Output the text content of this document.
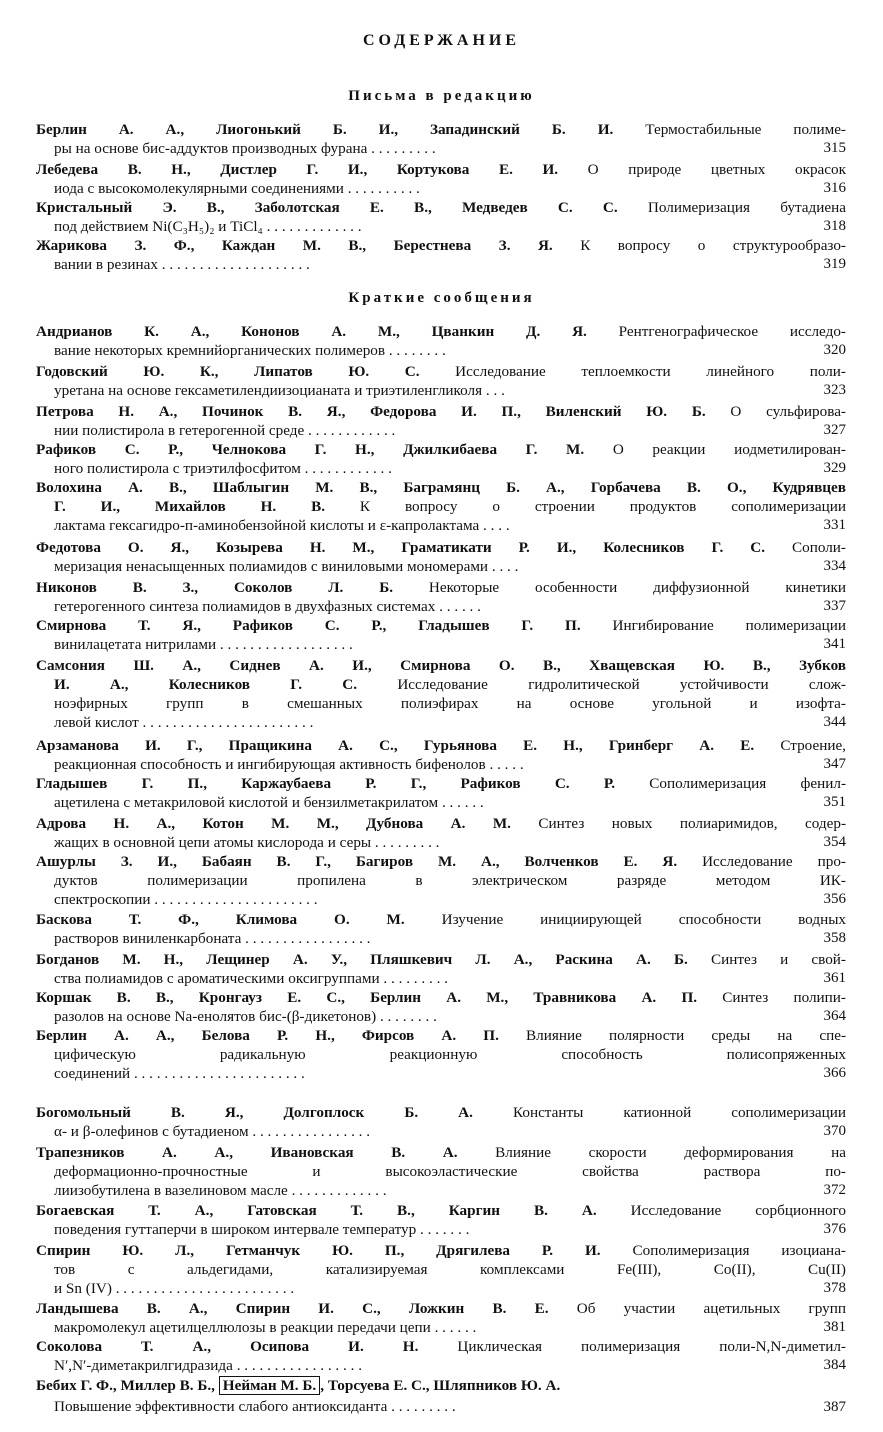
СОДЕРЖАНИЕ
Письма в редакцию
Берлин А. А., Лиогонький Б. И., Западинский Б. И. Термостабильные полиме-
ры на основе бис-аддуктов производных фурана . . . . . . . . .	315
Лебедева В. Н., Дистлер Г. И., Кортукова Е. И. О природе цветных окрасок
иода с высокомолекулярными соединениями . . . . . . . . . .	316
Кристальный Э. В., Заболотская Е. В., Медведев С. С. Полимеризация бутадиена
под действием Ni(C₃H₅)₂ и TiCl₄ . . . . . . . . . . . . .	318
Жарикова З. Ф., Каждан М. В., Берестнева З. Я. К вопросу о структурообразо-
вании в резинах . . . . . . . . . . . . . . . . . . . .	319
Краткие сообщения
Андрианов К. А., Кононов А. М., Цванкин Д. Я. Рентгенографическое исследо-
вание некоторых кремнийорганических полимеров . . . . . . . .	320
Годовский Ю. К., Липатов Ю. С. Исследование теплоемкости линейного поли-
уретана на основе гексаметилендиизоцианата и триэтиленгликоля . . .	323
Петрова Н. А., Починок В. Я., Федорова И. П., Виленский Ю. Б. О сульфирова-
нии полистирола в гетерогенной среде . . . . . . . . . . . .	327
Рафиков С. Р., Челнокова Г. Н., Джилкибаева Г. М. О реакции иодметилирован-
ного полистирола с триэтилфосфитом . . . . . . . . . . . .	329
Волохина А. В., Шаблыгин М. В., Баграмянц Б. А., Горбачева В. О., Кудрявцев
Г. И., Михайлов Н. В. К вопросу о строении продуктов сополимеризации
лактама гексагидро-п-аминобензойной кислоты и ε-капролактама . . . .	331
Федотова О. Я., Козырева Н. М., Граматикати Р. И., Колесников Г. С. Сополи-
меризация ненасыщенных полиамидов с виниловыми мономерами . . . .	334
Никонов В. З., Соколов Л. Б. Некоторые особенности диффузионной кинетики
гетерогенного синтеза полиамидов в двухфазных системах . . . . . .	337
Смирнова Т. Я., Рафиков С. Р., Гладышев Г. П. Ингибирование полимеризации
винилацетата нитрилами . . . . . . . . . . . . . . . . . .	341
Самсония Ш. А., Сиднев А. И., Смирнова О. В., Хващевская Ю. В., Зубков
И. А., Колесников Г. С. Исследование гидролитической устойчивости слож-
ноэфирных групп в смешанных полиэфирах на основе угольной и изофта-
левой кислот . . . . . . . . . . . . . . . . . . . . . . .	344
Арзаманова И. Г., Пращикина А. С., Гурьянова Е. Н., Гринберг А. Е. Строение,
реакционная способность и ингибирующая активность бифенолов . . . . .	347
Гладышев Г. П., Каржаубаева Р. Г., Рафиков С. Р. Сополимеризация фенил-
ацетилена с метакриловой кислотой и бензилметакрилатом . . . . . .	351
Адрова Н. А., Котон М. М., Дубнова А. М. Синтез новых полиаримидов, содер-
жащих в основной цепи атомы кислорода и серы . . . . . . . . .	354
Ашурлы З. И., Бабаян В. Г., Багиров М. А., Волченков Е. Я. Исследование про-
дуктов полимеризации пропилена в электрическом разряде методом ИК-
спектроскопии . . . . . . . . . . . . . . . . . . . . . .	356
Баскова Т. Ф., Климова О. М. Изучение инициирующей способности водных
растворов виниленкарбоната . . . . . . . . . . . . . . . . .	358
Богданов М. Н., Лещинер А. У., Пляшкевич Л. А., Раскина А. Б. Синтез и свой-
ства полиамидов с ароматическими оксигруппами . . . . . . . . .	361
Коршак В. В., Кронгауз Е. С., Берлин А. М., Травникова А. П. Синтез полипи-
разолов на основе Na-енолятов бис-(β-дикетонов) . . . . . . . .	364
Берлин А. А., Белова Р. Н., Фирсов А. П. Влияние полярности среды на спе-
цифическую радикальную реакционную способность полисопряженных
соединений . . . . . . . . . . . . . . . . . . . . . . .	366
Богомольный В. Я., Долгоплоск Б. А. Константы катионной сополимеризации
α- и β-олефинов с бутадиеном . . . . . . . . . . . . . . . .	370
Трапезников А. А., Ивановская В. А. Влияние скорости деформирования на
деформационно-прочностные и высокоэластические свойства раствора по-
лиизобутилена в вазелиновом масле . . . . . . . . . . . . .	372
Богаевская Т. А., Гатовская Т. В., Каргин В. А. Исследование сорбционного
поведения гуттаперчи в широком интервале температур . . . . . . .	376
Спирин Ю. Л., Гетманчук Ю. П., Дрягилева Р. И. Сополимеризация изоцианa-
тов с альдегидами, катализируемая комплексами Fe(III), Co(II), Cu(II)
и Sn (IV) . . . . . . . . . . . . . . . . . . . . . . . .	378
Ландышева В. А., Спирин И. С., Ложкин В. Е. Об участии ацетильных групп
макромолекул ацетилцеллюлозы в реакции передачи цепи . . . . . .	381
Соколова Т. А., Осипова И. Н. Циклическая полимеризация поли-N,N-диметил-
N′,N′-диметакрилгидразида . . . . . . . . . . . . . . . . .	384
Бебих Г. Ф., Миллер В. Б., Нейман М. Б. , Торсуева Е. С., Шляпников Ю. А.
Повышение эффективности слабого антиоксиданта . . . . . . . . .	387
